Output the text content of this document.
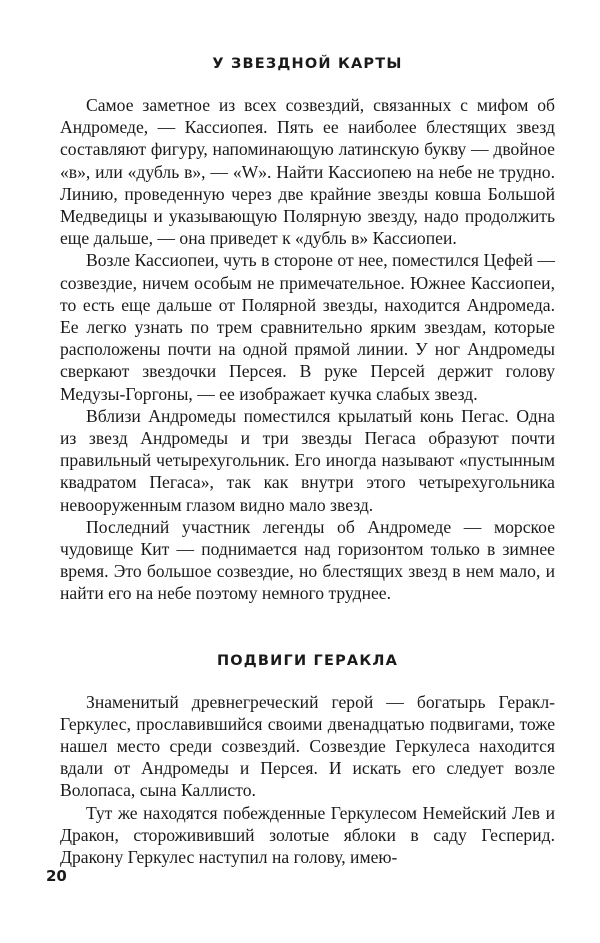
У ЗВЕЗДНОЙ КАРТЫ

Самое заметное из всех созвездий, связанных с мифом об Андромеде, — Кассиопея. Пять ее наиболее блестящих звезд составляют фигуру, напоминающую латинскую букву — двойное «в», или «дубль в», — «W». Найти Кассиопею на небе не трудно. Линию, проведенную через две крайние звезды ковша Большой Медведицы и указывающую Полярную звезду, надо продолжить еще дальше, — она приведет к «дубль в» Кассиопеи.

Возле Кассиопеи, чуть в стороне от нее, поместился Цефей — созвездие, ничем особым не примечательное. Южнее Кассиопеи, то есть еще дальше от Полярной звезды, находится Андромеда. Ее легко узнать по трем сравнительно ярким звездам, которые расположены почти на одной прямой линии. У ног Андромеды сверкают звездочки Персея. В руке Персей держит голову Медузы-Горгоны, — ее изображает кучка слабых звезд.

Вблизи Андромеды поместился крылатый конь Пегас. Одна из звезд Андромеды и три звезды Пегаса образуют почти правильный четырехугольник. Его иногда называют «пустынным квадратом Пегаса», так как внутри этого четырехугольника невооруженным глазом видно мало звезд.

Последний участник легенды об Андромеде — морское чудовище Кит — поднимается над горизонтом только в зимнее время. Это большое созвездие, но блестящих звезд в нем мало, и найти его на небе поэтому немного труднее.

ПОДВИГИ ГЕРАКЛА

Знаменитый древнегреческий герой — богатырь Геракл-Геркулес, прославившийся своими двенадцатью подвигами, тоже нашел место среди созвездий. Созвездие Геркулеса находится вдали от Андромеды и Персея. И искать его следует возле Волопаса, сына Каллисто.

Тут же находятся побежденные Геркулесом Немейский Лев и Дракон, сторожививший золотые яблоки в саду Гесперид. Дракону Геркулес наступил на голову, имею-

20
